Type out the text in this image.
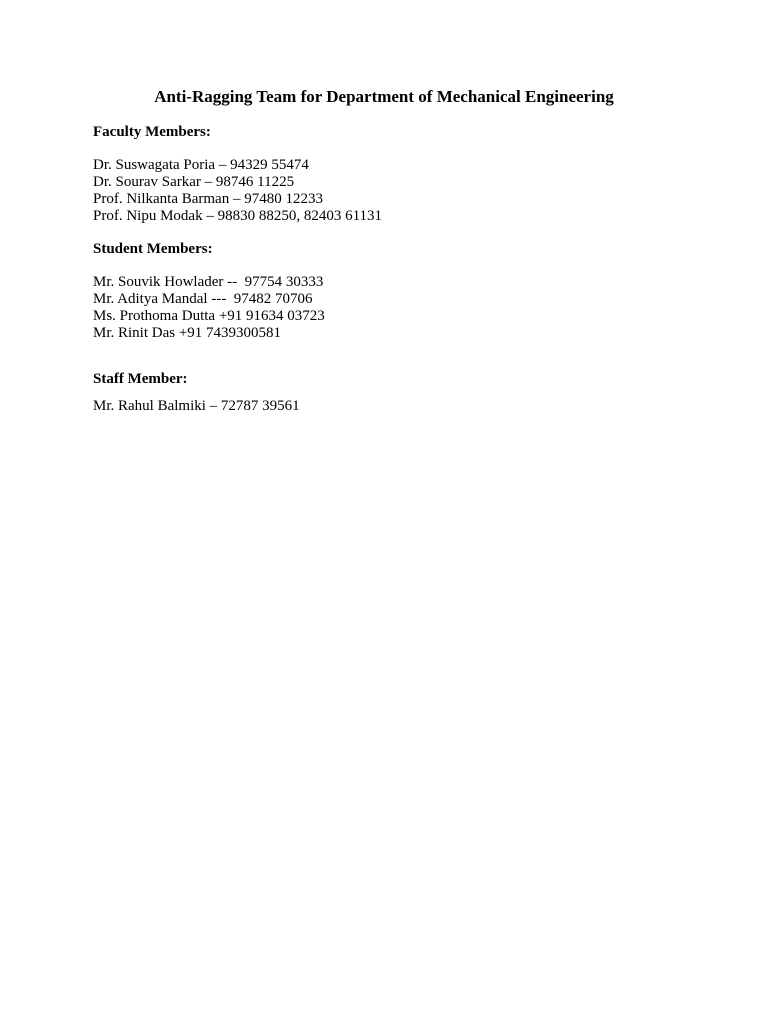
Anti-Ragging Team for Department of Mechanical Engineering

Faculty Members:

Dr. Suswagata Poria – 94329 55474
Dr. Sourav Sarkar – 98746 11225
Prof. Nilkanta Barman – 97480 12233
Prof. Nipu Modak – 98830 88250, 82403 61131

Student Members:

Mr. Souvik Howlader --  97754 30333
Mr. Aditya Mandal ---  97482 70706
Ms. Prothoma Dutta +91 91634 03723
Mr. Rinit Das +91 7439300581

Staff Member:

Mr. Rahul Balmiki – 72787 39561
